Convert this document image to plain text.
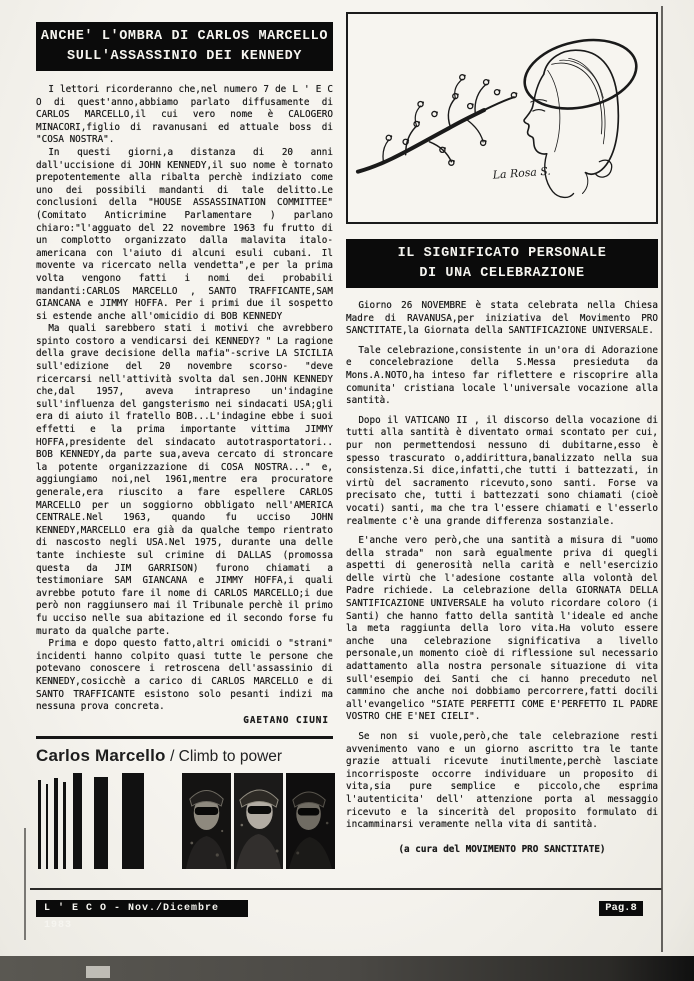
ANCHE' L'OMBRA DI CARLOS MARCELLO
SULL'ASSASSINIO DEI KENNEDY

I lettori ricorderanno che,nel numero 7 de L ' E C O di quest'anno,abbiamo parlato diffusamente di CARLOS MARCELLO,il cui vero nome è CALOGERO MINACORI,figlio di ravanusani ed attuale boss di "COSA NOSTRA".

In questi giorni,a distanza di 20 anni dall'uccisione di JOHN KENNEDY,il suo nome è tornato prepotentemente alla ribalta perchè indiziato come uno dei possibili mandanti di tale delitto.Le conclusioni della "HOUSE ASSASSINATION COMMITTEE" (Comitato Anticrimine Parlamentare ) parlano chiaro:"l'agguato del 22 novembre 1963 fu frutto di un complotto organizzato dalla malavita italo-americana con l'aiuto di alcuni esuli cubani. Il movente va ricercato nella vendetta",e per la prima volta vengono fatti i nomi dei probabili mandanti:CARLOS MARCELLO , SANTO TRAFFICANTE,SAM GIANCANA e JIMMY HOFFA. Per i primi due il sospetto si estende anche all'omicidio di BOB KENNEDY

Ma quali sarebbero stati i motivi che avrebbero spinto costoro a vendicarsi dei KENNEDY? " La ragione della grave decisione della mafia"-scrive LA SICILIA sull'edizione del 20 novembre scorso- "deve ricercarsi nell'attività svolta dal sen.JOHN KENNEDY che,dal 1957, aveva intrapreso un'indagine sull'influenza del gangsterismo nei sindacati USA;gli era di aiuto il fratello BOB...L'indagine ebbe i suoi effetti e la prima importante vittima JIMMY HOFFA,presidente del sindacato autotrasportatori.. BOB KENNEDY,da parte sua,aveva cercato di stroncare la potente organizzazione di COSA NOSTRA..." e, aggiungiamo noi,nel 1961,mentre era procuratore generale,era riuscito a fare espellere CARLOS MARCELLO per un soggiorno obbligato nell'AMERICA CENTRALE.Nel 1963, quando fu ucciso JOHN KENNEDY,MARCELLO era già da qualche tempo rientrato di nascosto negli USA.Nel 1975, durante una delle tante inchieste sul crimine di DALLAS (promossa questa da JIM GARRISON) furono chiamati a testimoniare SAM GIANCANA e JIMMY HOFFA,i quali avrebbe potuto fare il nome di CARLOS MARCELLO;i due però non raggiunsero mai il Tribunale perchè il primo fu ucciso nelle sua abitazione ed il secondo forse fu murato da qualche parte.

Prima e dopo questo fatto,altri omicidi o "strani" incidenti hanno colpito quasi tutte le persone che potevano conoscere i retroscena dell'assassinio di KENNEDY,cosicchè a carico di CARLOS MARCELLO e di SANTO TRAFFICANTE esistono solo pesanti indizi ma nessuna prova concreta.

GAETANO CIUNI
Carlos Marcello / Climb to power
La Rosa S.
IL SIGNIFICATO PERSONALE
DI UNA CELEBRAZIONE

Giorno 26 NOVEMBRE è stata celebrata nella Chiesa Madre di RAVANUSA,per iniziativa del Movimento PRO SANCTITATE,la Giornata della SANTIFICAZIONE UNIVERSALE.

Tale celebrazione,consistente in un'ora di Adorazione e concelebrazione della S.Messa presieduta da Mons.A.NOTO,ha inteso far riflettere e riscoprire alla comunita' cristiana locale l'universale vocazione alla santità.

Dopo il VATICANO II , il discorso della vocazione di tutti alla santità è diventato ormai scontato per cui, pur non permettendosi nessuno di dubitarne,esso è spesso trascurato o,addirittura,banalizzato nella sua consistenza.Si dice,infatti,che tutti i battezzati, in virtù del sacramento ricevuto,sono santi. Forse va precisato che, tutti i battezzati sono chiamati (cioè vocati) santi, ma che tra l'essere chiamati e l'esserlo realmente c'è una grande differenza sostanziale.

E'anche vero però,che una santità a misura di "uomo della strada" non sarà egualmente priva di quegli aspetti di generosità nella carità e nell'esercizio delle virtù che l'adesione costante alla volontà del Padre richiede. La celebrazione della GIORNATA DELLA SANTIFICAZIONE UNIVERSALE ha voluto ricordare coloro (i Santi) che hanno fatto della santità l'ideale ed anche la meta raggiunta della loro vita.Ha voluto essere anche una celebrazione significativa a livello personale,un momento cioè di riflessione sul necessario adattamento alla nostra personale situazione di vita sull'esempio dei Santi che ci hanno preceduto nel cammino che anche noi dobbiamo percorrere,fatti docili all'evangelico "SIATE PERFETTI COME E'PERFETTO IL PADRE VOSTRO CHE E'NEI CIELI".

Se non si vuole,però,che tale celebrazione resti avvenimento vano e un giorno ascritto tra le tante grazie attuali ricevute inutilmente,perchè lasciate incorrisposte occorre individuare un proposito di vita,sia pure semplice e piccolo,che esprima l'autenticita' dell' attenzione porta al messaggio ricevuto e la sincerità del proposito formulato di incamminarsi veramente nella vita di santità.

(a cura del MOVIMENTO PRO SANCTITATE)
L ' E C O - Nov./Dicembre 1983
Pag.8
